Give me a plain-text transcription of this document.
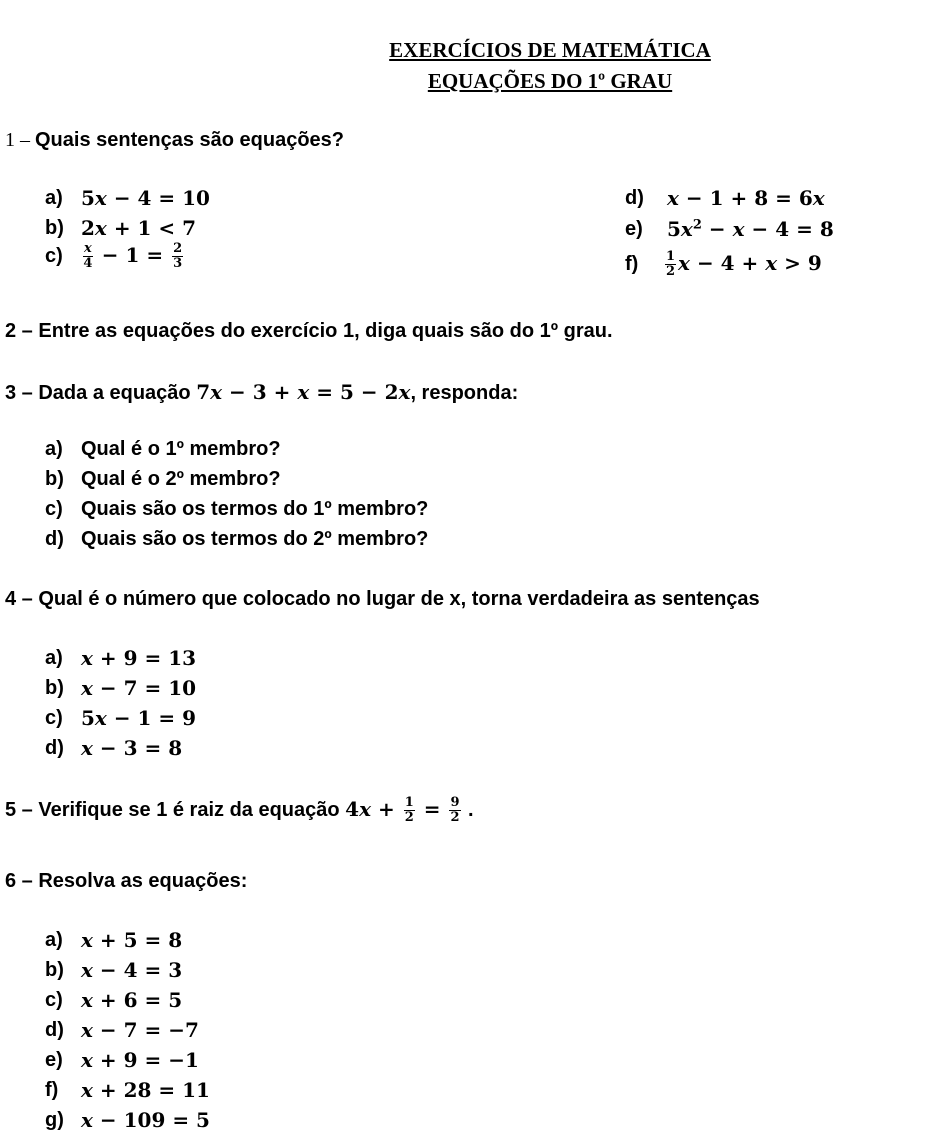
EXERCÍCIOS DE MATEMÁTICA
EQUAÇÕES DO 1º GRAU
1 – Quais sentenças são equações?
a) 5x − 4 = 10
b) 2x + 1 < 7
c)	$\frac{x}{4} - 1 = \frac{2}{3}$
d)	x − 1 + 8 = 6x
e)	$5x^2 - x - 4 = 8$
f)	$\frac{1}{2}$ x − 4 + x > 9
2 – Entre as equações do exercício 1, diga quais são do 1º grau.
3 – Dada a equação 7x − 3 + x = 5 − 2x, responda:
a) Qual é o 1º membro?
b) Qual é o 2º membro?
c) Quais são os termos do 1º membro?
d) Quais são os termos do 2º membro?
4 – Qual é o número que colocado no lugar de x, torna verdadeira as sentenças
a) x + 9 = 13
b) x − 7 = 10
c) 5x − 1 = 9
d) x − 3 = 8
5 – Verifique se 1 é raiz da equação $4x + \frac{1}{2} = \frac{9}{2}$ .
6 – Resolva as equações:
a) x + 5 = 8
b) x − 4 = 3
c) x + 6 = 5
d) x − 7 = −7
e) x + 9 = −1
f)	x + 28 = 11
g) x − 109 = 5
